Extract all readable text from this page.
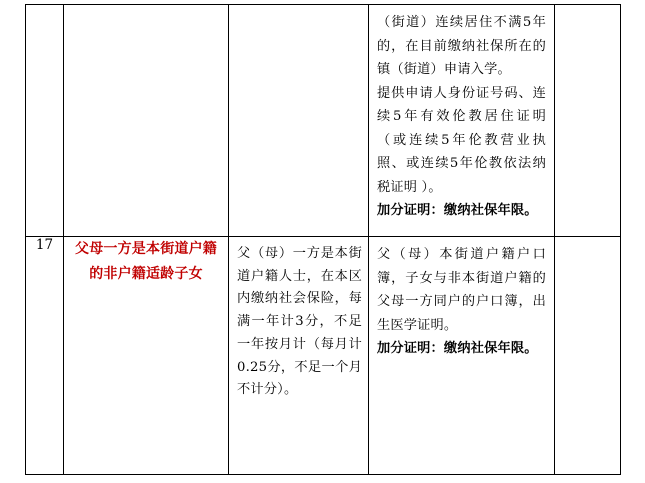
			（街道）连续居住不满5年的，在目前缴纳社保所在的镇（街道）申请入学。

提供申请人身份证号码、连续5年有效伦教居住证明（或连续5年伦教营业执照、或连续5年伦教依法纳税证明 ）。

加分证明：缴纳社保年限。	

17	父母一方是本街道户籍的非户籍适龄子女	父（母）一方是本街道户籍人士，在本区内缴纳社会保险，每满一年计3分，不足一年按月计（每月计0.25分，不足一个月不计分）。	父（母）本街道户籍户口簿，子女与非本街道户籍的父母一方同户的户口簿，出生医学证明。

加分证明：缴纳社保年限。	
